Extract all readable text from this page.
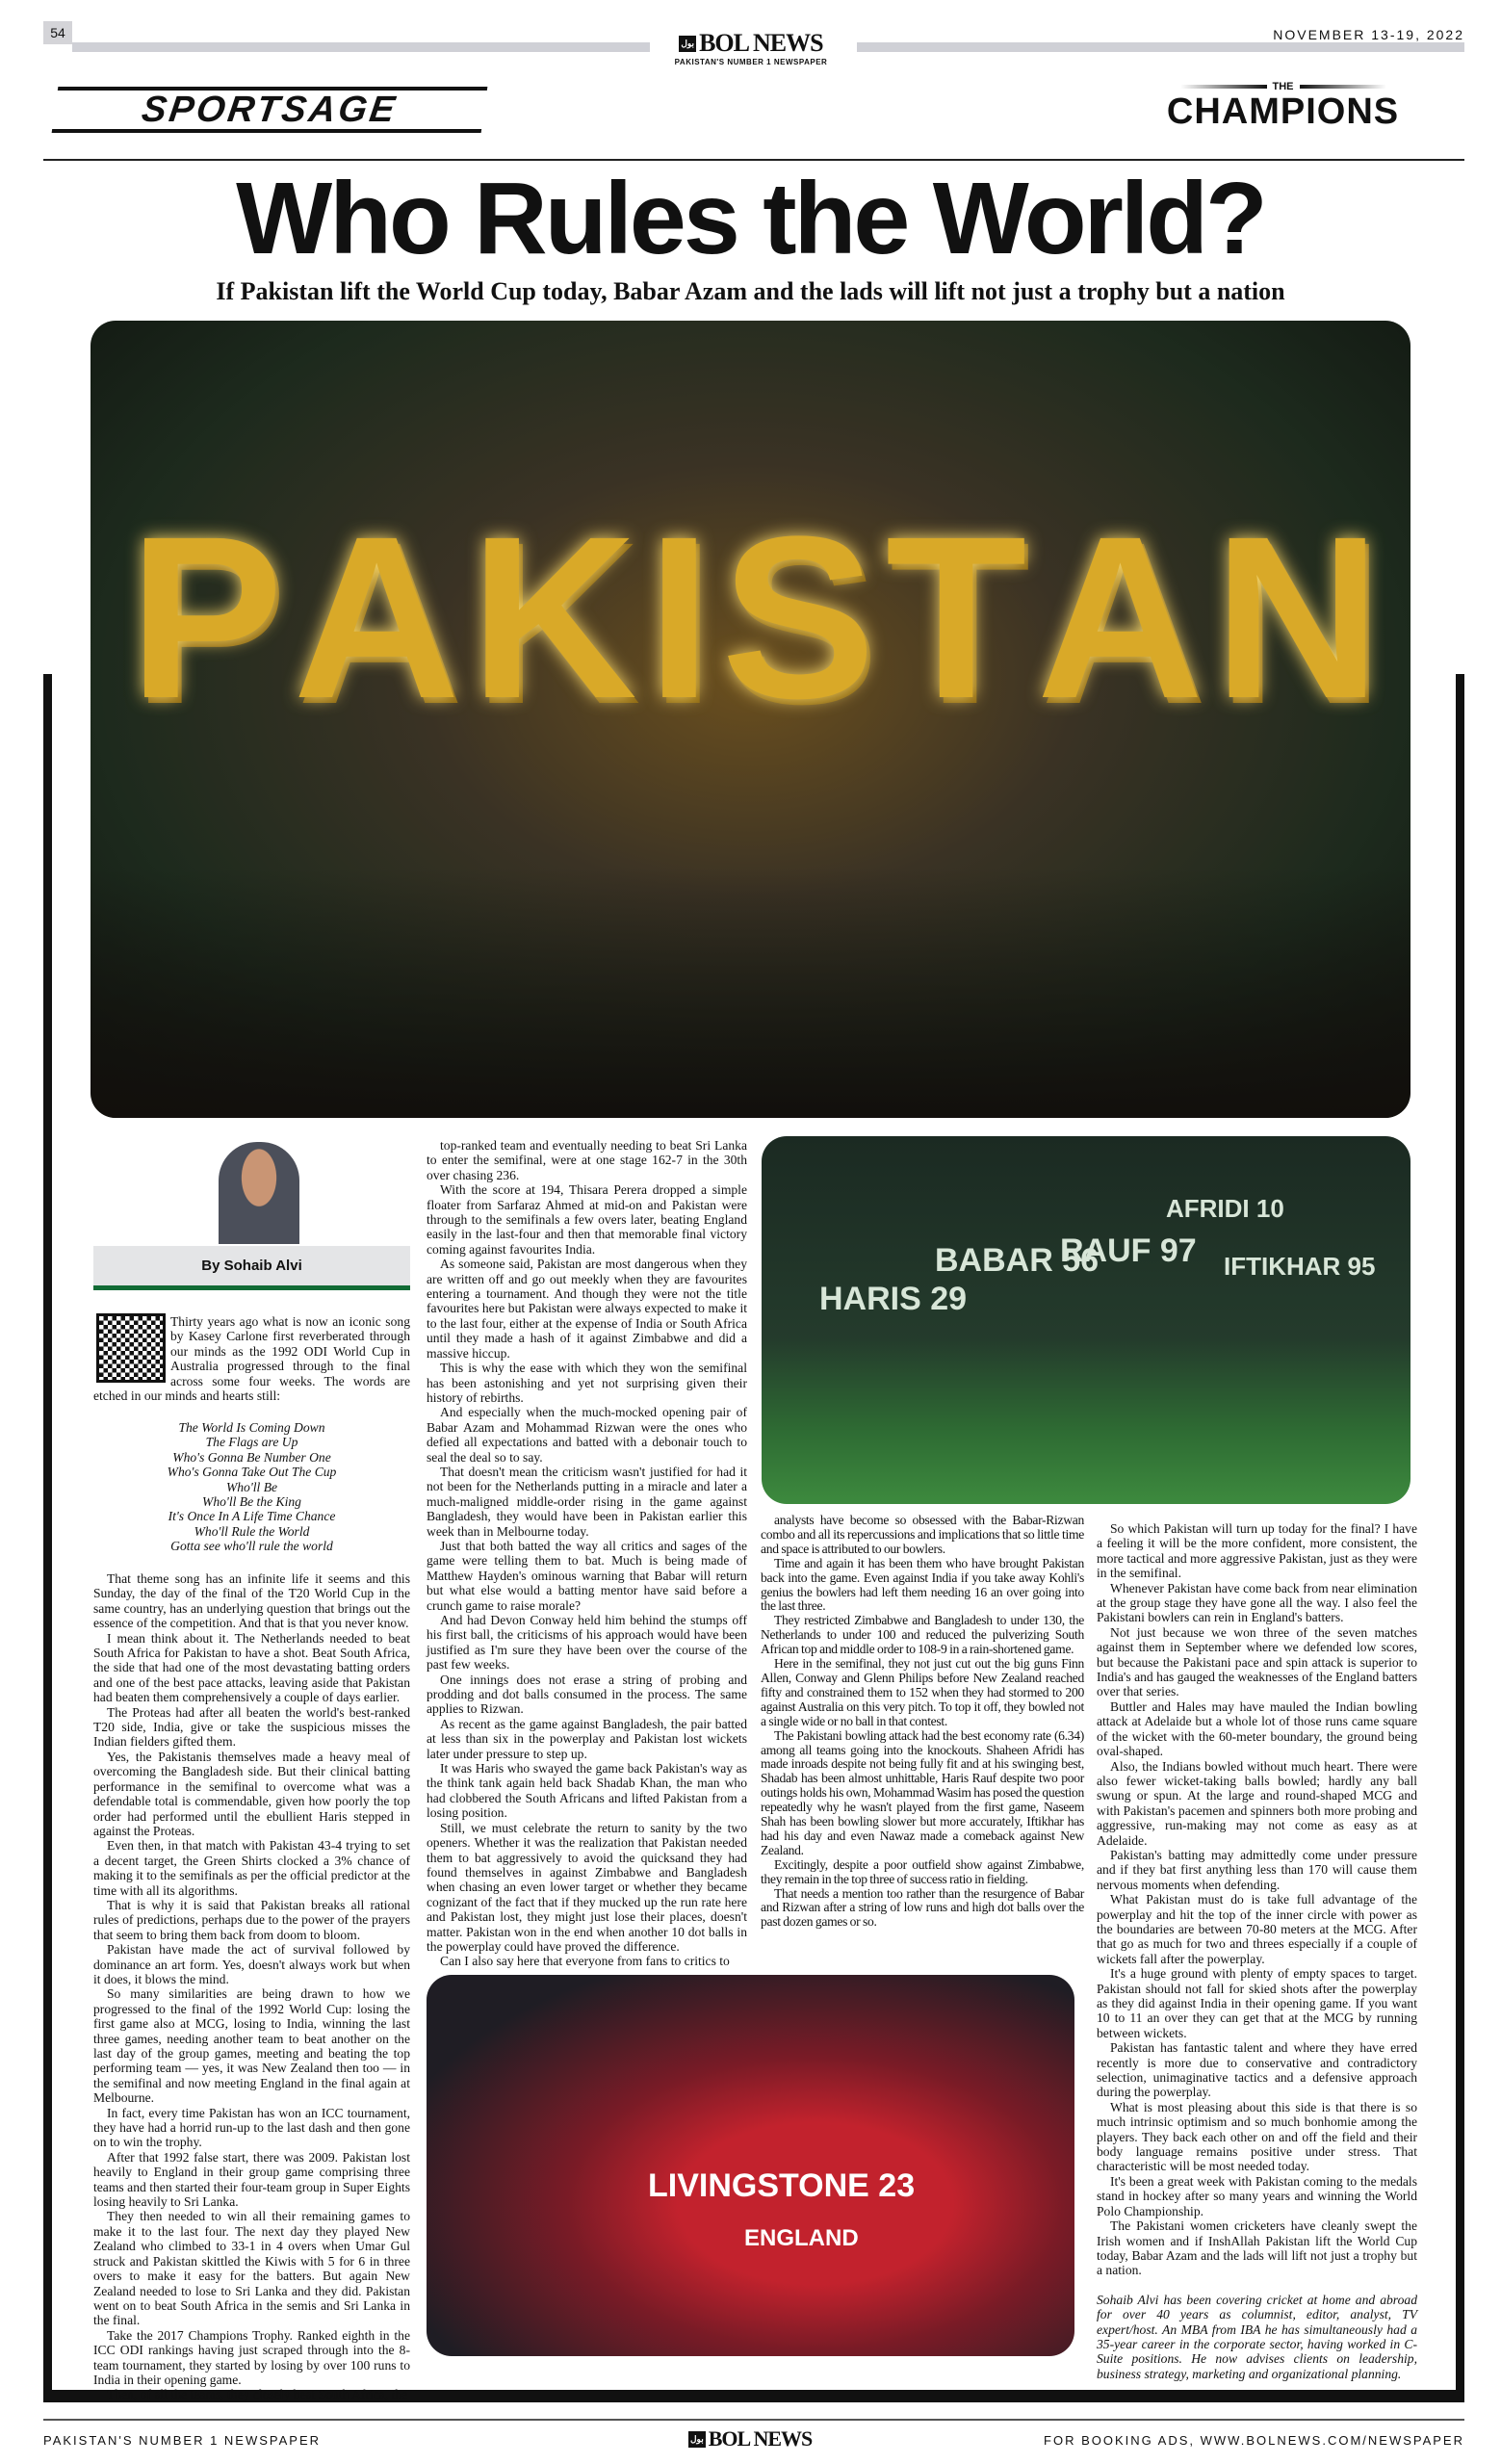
54
بول BOL NEWS
PAKISTAN'S NUMBER 1 NEWSPAPER
NOVEMBER 13-19, 2022
SPORTSAGE
THE
CHAMPIONS
Who Rules the World?
If Pakistan lift the World Cup today, Babar Azam and the lads will lift not just a trophy but a nation
P A K I S T A N
By Sohaib Alvi

Thirty years ago what is now an iconic song by Kasey Carlone first reverberated through our minds as the 1992 ODI World Cup in Australia progressed through to the final across some four weeks. The words are etched in our minds and hearts still:

The World Is Coming Down
The Flags are Up
Who's Gonna Be Number One
Who's Gonna Take Out The Cup
Who'll Be
Who'll Be the King
It's Once In A Life Time Chance
Who'll Rule the World
Gotta see who'll rule the world

That theme song has an infinite life it seems and this Sunday, the day of the final of the T20 World Cup in the same country, has an underlying question that brings out the essence of the competition. And that is that you never know.

I mean think about it. The Netherlands needed to beat South Africa for Pakistan to have a shot. Beat South Africa, the side that had one of the most devastating batting orders and one of the best pace attacks, leaving aside that Pakistan had beaten them comprehensively a couple of days earlier.

The Proteas had after all beaten the world's best-ranked T20 side, India, give or take the suspicious misses the Indian fielders gifted them.

Yes, the Pakistanis themselves made a heavy meal of overcoming the Bangladesh side. But their clinical batting performance in the semifinal to overcome what was a defendable total is commendable, given how poorly the top order had performed until the ebullient Haris stepped in against the Proteas.

Even then, in that match with Pakistan 43-4 trying to set a decent target, the Green Shirts clocked a 3% chance of making it to the semifinals as per the official predictor at the time with all its algorithms.

That is why it is said that Pakistan breaks all rational rules of predictions, perhaps due to the power of the prayers that seem to bring them back from doom to bloom.

Pakistan have made the act of survival followed by dominance an art form. Yes, doesn't always work but when it does, it blows the mind.

So many similarities are being drawn to how we progressed to the final of the 1992 World Cup: losing the first game also at MCG, losing to India, winning the last three games, needing another team to beat another on the last day of the group games, meeting and beating the top performing team — yes, it was New Zealand then too — in the semifinal and now meeting England in the final again at Melbourne.

In fact, every time Pakistan has won an ICC tournament, they have had a horrid run-up to the last dash and then gone on to win the trophy.

After that 1992 false start, there was 2009. Pakistan lost heavily to England in their group game comprising three teams and then started their four-team group in Super Eights losing heavily to Sri Lanka.

They then needed to win all their remaining games to make it to the last four. The next day they played New Zealand who climbed to 33-1 in 4 overs when Umar Gul struck and Pakistan skittled the Kiwis with 5 for 6 in three overs to make it easy for the batters. But again New Zealand needed to lose to Sri Lanka and they did. Pakistan went on to beat South Africa in the semis and Sri Lanka in the final.

Take the 2017 Champions Trophy. Ranked eighth in the ICC ODI rankings having just scraped through into the 8-team tournament, they started by losing by over 100 runs to India in their opening game.

Then, of all the teams, they closely beat South Africa, the

top-ranked team and eventually needing to beat Sri Lanka to enter the semifinal, were at one stage 162-7 in the 30th over chasing 236.

With the score at 194, Thisara Perera dropped a simple floater from Sarfaraz Ahmed at mid-on and Pakistan were through to the semifinals a few overs later, beating England easily in the last-four and then that memorable final victory coming against favourites India.

As someone said, Pakistan are most dangerous when they are written off and go out meekly when they are favourites entering a tournament. And though they were not the title favourites here but Pakistan were always expected to make it to the last four, either at the expense of India or South Africa until they made a hash of it against Zimbabwe and did a massive hiccup.

This is why the ease with which they won the semifinal has been astonishing and yet not surprising given their history of rebirths.

And especially when the much-mocked opening pair of Babar Azam and Mohammad Rizwan were the ones who defied all expectations and batted with a debonair touch to seal the deal so to say.

That doesn't mean the criticism wasn't justified for had it not been for the Netherlands putting in a miracle and later a much-maligned middle-order rising in the game against Bangladesh, they would have been in Pakistan earlier this week than in Melbourne today.

Just that both batted the way all critics and sages of the game were telling them to bat. Much is being made of Matthew Hayden's ominous warning that Babar will return but what else would a batting mentor have said before a crunch game to raise morale?

And had Devon Conway held him behind the stumps off his first ball, the criticisms of his approach would have been justified as I'm sure they have been over the course of the past few weeks.

One innings does not erase a string of probing and prodding and dot balls consumed in the process. The same applies to Rizwan.

As recent as the game against Bangladesh, the pair batted at less than six in the powerplay and Pakistan lost wickets later under pressure to step up.

It was Haris who swayed the game back Pakistan's way as the think tank again held back Shadab Khan, the man who had clobbered the South Africans and lifted Pakistan from a losing position.

Still, we must celebrate the return to sanity by the two openers. Whether it was the realization that Pakistan needed them to bat aggressively to avoid the quicksand they had found themselves in against Zimbabwe and Bangladesh when chasing an even lower target or whether they became cognizant of the fact that if they mucked up the run rate here and Pakistan lost, they might just lose their places, doesn't matter. Pakistan won in the end when another 10 dot balls in the powerplay could have proved the difference.

Can I also say here that everyone from fans to critics to

HARIS 29
BABAR 56
RAUF 97
AFRIDI 10
IFTIKHAR 95

analysts have become so obsessed with the Babar-Rizwan combo and all its repercussions and implications that so little time and space is attributed to our bowlers.

Time and again it has been them who have brought Pakistan back into the game. Even against India if you take away Kohli's genius the bowlers had left them needing 16 an over going into the last three.

They restricted Zimbabwe and Bangladesh to under 130, the Netherlands to under 100 and reduced the pulverizing South African top and middle order to 108-9 in a rain-shortened game.

Here in the semifinal, they not just cut out the big guns Finn Allen, Conway and Glenn Philips before New Zealand reached fifty and constrained them to 152 when they had stormed to 200 against Australia on this very pitch. To top it off, they bowled not a single wide or no ball in that contest.

The Pakistani bowling attack had the best economy rate (6.34) among all teams going into the knockouts. Shaheen Afridi has made inroads despite not being fully fit and at his swinging best, Shadab has been almost unhittable, Haris Rauf despite two poor outings holds his own, Mohammad Wasim has posed the question repeatedly why he wasn't played from the first game, Naseem Shah has been bowling slower but more accurately, Iftikhar has had his day and even Nawaz made a comeback against New Zealand.

Excitingly, despite a poor outfield show against Zimbabwe, they remain in the top three of success ratio in fielding.

That needs a mention too rather than the resurgence of Babar and Rizwan after a string of low runs and high dot balls over the past dozen games or so.

So which Pakistan will turn up today for the final? I have a feeling it will be the more confident, more consistent, the more tactical and more aggressive Pakistan, just as they were in the semifinal.

Whenever Pakistan have come back from near elimination at the group stage they have gone all the way. I also feel the Pakistani bowlers can rein in England's batters.

Not just because we won three of the seven matches against them in September where we defended low scores, but because the Pakistani pace and spin attack is superior to India's and has gauged the weaknesses of the England batters over that series.

Buttler and Hales may have mauled the Indian bowling attack at Adelaide but a whole lot of those runs came square of the wicket with the 60-meter boundary, the ground being oval-shaped.

Also, the Indians bowled without much heart. There were also fewer wicket-taking balls bowled; hardly any ball swung or spun. At the large and round-shaped MCG and with Pakistan's pacemen and spinners both more probing and aggressive, run-making may not come as easy as at Adelaide.

Pakistan's batting may admittedly come under pressure and if they bat first anything less than 170 will cause them nervous moments when defending.

What Pakistan must do is take full advantage of the powerplay and hit the top of the inner circle with power as the boundaries are between 70-80 meters at the MCG. After that go as much for two and threes especially if a couple of wickets fall after the powerplay.

It's a huge ground with plenty of empty spaces to target. Pakistan should not fall for skied shots after the powerplay as they did against India in their opening game. If you want 10 to 11 an over they can get that at the MCG by running between wickets.

Pakistan has fantastic talent and where they have erred recently is more due to conservative and contradictory selection, unimaginative tactics and a defensive approach during the powerplay.

What is most pleasing about this side is that there is so much intrinsic optimism and so much bonhomie among the players. They back each other on and off the field and their body language remains positive under stress. That characteristic will be most needed today.

It's been a great week with Pakistan coming to the medals stand in hockey after so many years and winning the World Polo Championship.

The Pakistani women cricketers have cleanly swept the Irish women and if InshAllah Pakistan lift the World Cup today, Babar Azam and the lads will lift not just a trophy but a nation.

Sohaib Alvi has been covering cricket at home and abroad for over 40 years as columnist, editor, analyst, TV expert/host. An MBA from IBA he has simultaneously had a 35-year career in the corporate sector, having worked in C-Suite positions. He now advises clients on leadership, business strategy, marketing and organizational planning.

LIVINGSTONE 23
ENGLAND
PAKISTAN'S NUMBER 1 NEWSPAPER	بول BOL NEWS	FOR BOOKING ADS, WWW.BOLNEWS.COM/NEWSPAPER
